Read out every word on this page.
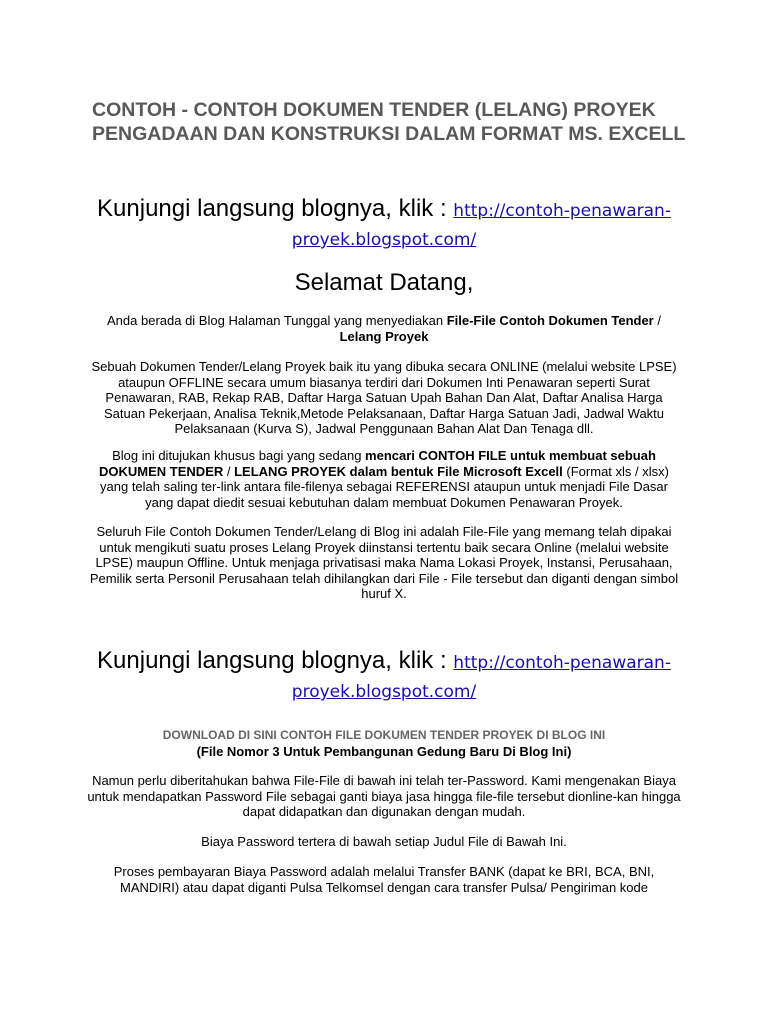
CONTOH - CONTOH DOKUMEN TENDER (LELANG) PROYEK PENGADAAN DAN KONSTRUKSI DALAM FORMAT MS. EXCELL

Kunjungi langsung blognya, klik : http://contoh-penawaran-proyek.blogspot.com/

Selamat Datang,

Anda berada di Blog Halaman Tunggal yang menyediakan File-File Contoh Dokumen Tender / Lelang Proyek

Sebuah Dokumen Tender/Lelang Proyek baik itu yang dibuka secara ONLINE (melalui website LPSE) ataupun OFFLINE secara umum biasanya terdiri dari Dokumen Inti Penawaran seperti Surat Penawaran, RAB, Rekap RAB, Daftar Harga Satuan Upah Bahan Dan Alat, Daftar Analisa Harga Satuan Pekerjaan, Analisa Teknik,Metode Pelaksanaan, Daftar Harga Satuan Jadi, Jadwal Waktu Pelaksanaan (Kurva S), Jadwal Penggunaan Bahan Alat Dan Tenaga dll.

Blog ini ditujukan khusus bagi yang sedang mencari CONTOH FILE untuk membuat sebuah DOKUMEN TENDER / LELANG PROYEK dalam bentuk File Microsoft Excell (Format xls / xlsx) yang telah saling ter-link antara file-filenya sebagai REFERENSI ataupun untuk menjadi File Dasar yang dapat diedit sesuai kebutuhan dalam membuat Dokumen Penawaran Proyek.

Seluruh File Contoh Dokumen Tender/Lelang di Blog ini adalah File-File yang memang telah dipakai untuk mengikuti suatu proses Lelang Proyek diinstansi tertentu baik secara Online (melalui website LPSE) maupun Offline. Untuk menjaga privatisasi maka Nama Lokasi Proyek, Instansi, Perusahaan, Pemilik serta Personil Perusahaan telah dihilangkan dari File - File tersebut dan diganti dengan simbol huruf X.

Kunjungi langsung blognya, klik : http://contoh-penawaran-proyek.blogspot.com/

DOWNLOAD DI SINI CONTOH FILE DOKUMEN TENDER PROYEK DI BLOG INI
(File Nomor 3 Untuk Pembangunan Gedung Baru Di Blog Ini)

Namun perlu diberitahukan bahwa File-File di bawah ini telah ter-Password. Kami mengenakan Biaya untuk mendapatkan Password File sebagai ganti biaya jasa hingga file-file tersebut dionline-kan hingga dapat didapatkan dan digunakan dengan mudah.

Biaya Password tertera di bawah setiap Judul File di Bawah Ini.

Proses pembayaran Biaya Password adalah melalui Transfer BANK (dapat ke BRI, BCA, BNI, MANDIRI) atau dapat diganti Pulsa Telkomsel dengan cara transfer Pulsa/ Pengiriman kode
